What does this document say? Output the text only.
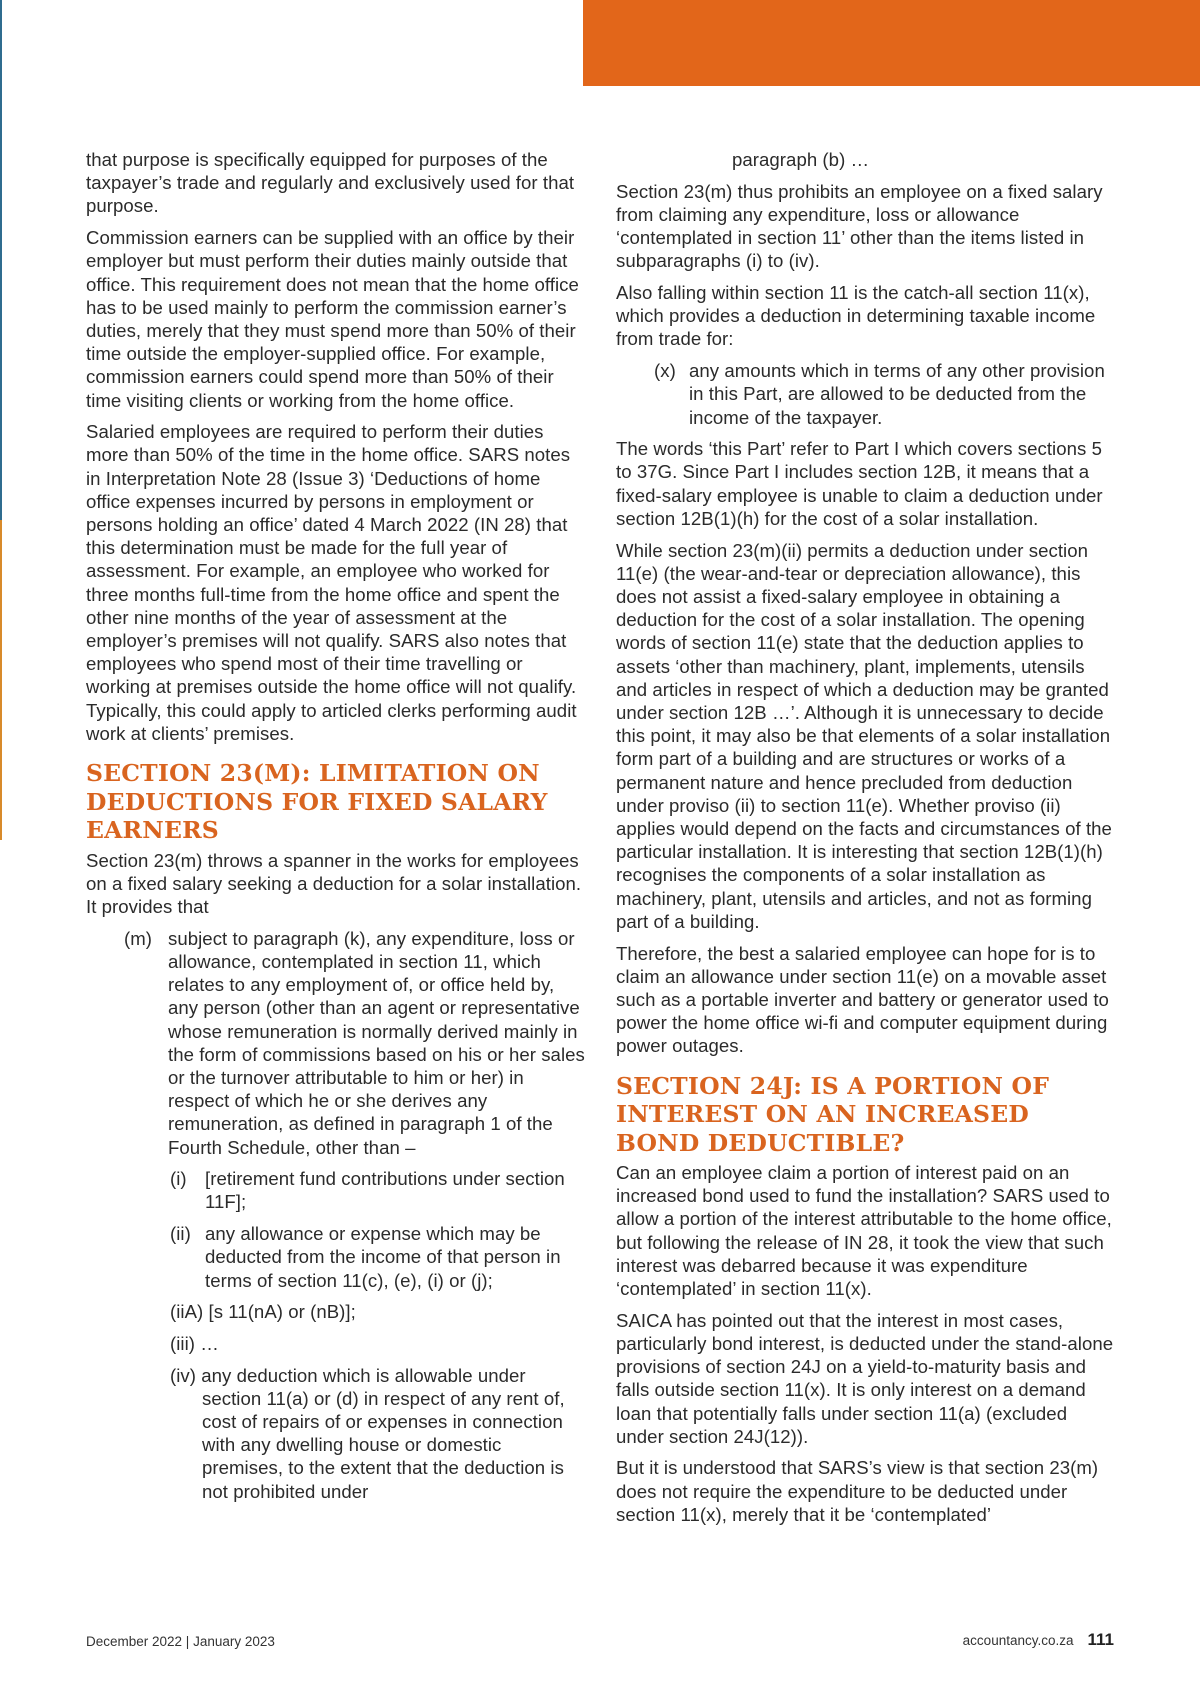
that purpose is specifically equipped for purposes of the taxpayer’s trade and regularly and exclusively used for that purpose.

Commission earners can be supplied with an office by their employer but must perform their duties mainly outside that office. This requirement does not mean that the home office has to be used mainly to perform the commission earner’s duties, merely that they must spend more than 50% of their time outside the employer-supplied office. For example, commission earners could spend more than 50% of their time visiting clients or working from the home office.

Salaried employees are required to perform their duties more than 50% of the time in the home office. SARS notes in Interpretation Note 28 (Issue 3) ‘Deductions of home office expenses incurred by persons in employment or persons holding an office’ dated 4 March 2022 (IN 28) that this determination must be made for the full year of assessment. For example, an employee who worked for three months full-time from the home office and spent the other nine months of the year of assessment at the employer’s premises will not qualify. SARS also notes that employees who spend most of their time travelling or working at premises outside the home office will not qualify. Typically, this could apply to articled clerks performing audit work at clients’ premises.

SECTION 23(M): LIMITATION ON DEDUCTIONS FOR FIXED SALARY EARNERS

Section 23(m) throws a spanner in the works for employees on a fixed salary seeking a deduction for a solar installation. It provides that

(m) subject to paragraph (k), any expenditure, loss or allowance, contemplated in section 11, which relates to any employment of, or office held by, any person (other than an agent or representative whose remuneration is normally derived mainly in the form of commissions based on his or her sales or the turnover attributable to him or her) in respect of which he or she derives any remuneration, as defined in paragraph 1 of the Fourth Schedule, other than –
(i) [retirement fund contributions under section 11F];
(ii) any allowance or expense which may be deducted from the income of that person in terms of section 11(c), (e), (i) or (j);
(iiA) [s 11(nA) or (nB)];
(iii) …
(iv) any deduction which is allowable under section 11(a) or (d) in respect of any rent of, cost of repairs of or expenses in connection with any dwelling house or domestic premises, to the extent that the deduction is not prohibited under

paragraph (b) …

Section 23(m) thus prohibits an employee on a fixed salary from claiming any expenditure, loss or allowance ‘contemplated in section 11’ other than the items listed in subparagraphs (i) to (iv).

Also falling within section 11 is the catch-all section 11(x), which provides a deduction in determining taxable income from trade for:

(x) any amounts which in terms of any other provision in this Part, are allowed to be deducted from the income of the taxpayer.

The words ‘this Part’ refer to Part I which covers sections 5 to 37G. Since Part I includes section 12B, it means that a fixed-salary employee is unable to claim a deduction under section 12B(1)(h) for the cost of a solar installation.

While section 23(m)(ii) permits a deduction under section 11(e) (the wear-and-tear or depreciation allowance), this does not assist a fixed-salary employee in obtaining a deduction for the cost of a solar installation. The opening words of section 11(e) state that the deduction applies to assets ‘other than machinery, plant, implements, utensils and articles in respect of which a deduction may be granted under section 12B …’. Although it is unnecessary to decide this point, it may also be that elements of a solar installation form part of a building and are structures or works of a permanent nature and hence precluded from deduction under proviso (ii) to section 11(e). Whether proviso (ii) applies would depend on the facts and circumstances of the particular installation. It is interesting that section 12B(1)(h) recognises the components of a solar installation as machinery, plant, utensils and articles, and not as forming part of a building.

Therefore, the best a salaried employee can hope for is to claim an allowance under section 11(e) on a movable asset such as a portable inverter and battery or generator used to power the home office wi-fi and computer equipment during power outages.

SECTION 24J: IS A PORTION OF INTEREST ON AN INCREASED BOND DEDUCTIBLE?

Can an employee claim a portion of interest paid on an increased bond used to fund the installation? SARS used to allow a portion of the interest attributable to the home office, but following the release of IN 28, it took the view that such interest was debarred because it was expenditure ‘contemplated’ in section 11(x).

SAICA has pointed out that the interest in most cases, particularly bond interest, is deducted under the stand-alone provisions of section 24J on a yield-to-maturity basis and falls outside section 11(x). It is only interest on a demand loan that potentially falls under section 11(a) (excluded under section 24J(12)).

But it is understood that SARS’s view is that section 23(m) does not require the expenditure to be deducted under section 11(x), merely that it be ‘contemplated’

December 2022 | January 2023	accountancy.co.za 111
